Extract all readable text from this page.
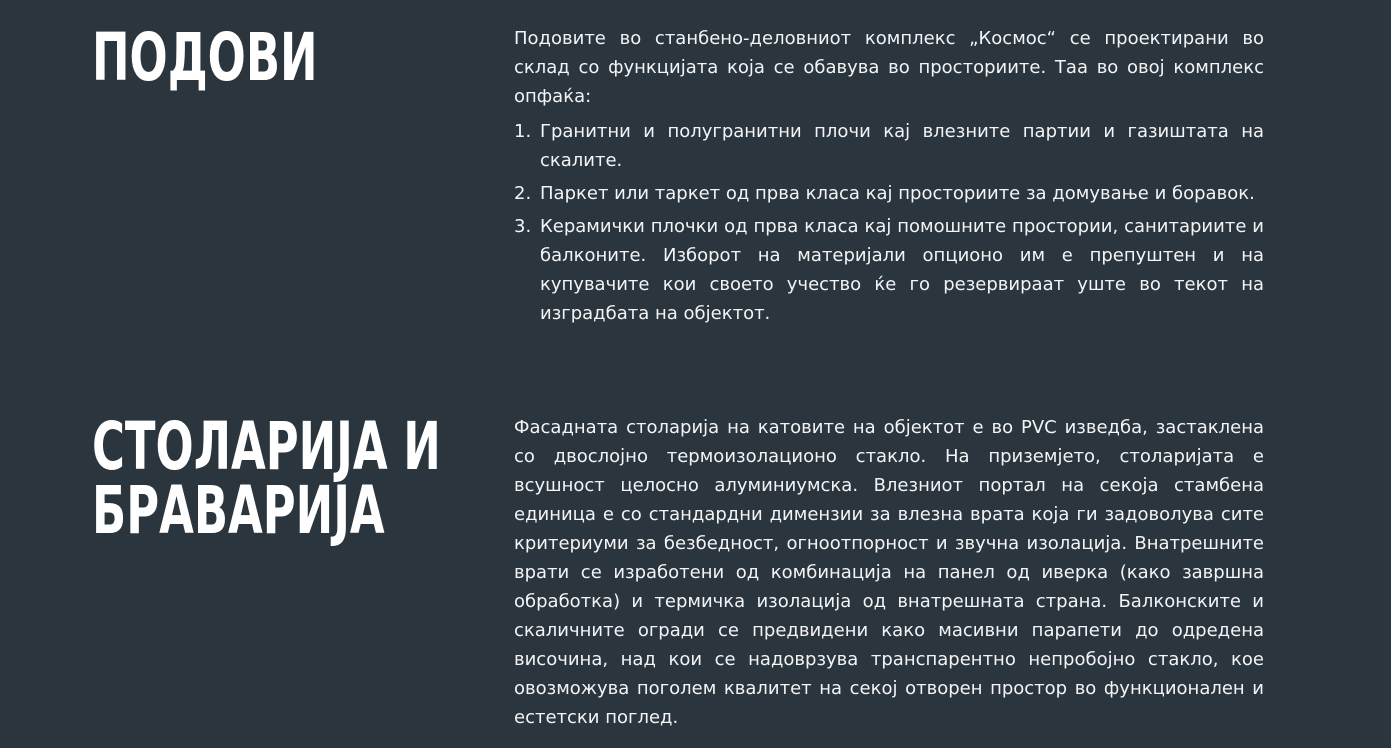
ПОДОВИ	Подовите во станбено-деловниот комплекс „Космос“ се проектирани во склад со функцијата која се обавува во просториите. Таа во овој комплекс опфаќа:

1. Гранитни и полугранитни плочи кај влезните партии и газиштата на скалите.
2. Паркет или таркет од прва класа кај просториите за домување и боравок.
3. Керамички плочки од прва класа кај помошните простории, санитариите и балконите. Изборот на материјали опционо им е препуштен и на купувачите кои своето учество ќе го резервираат уште во текот на изградбата на објектот.
СТОЛАРИЈА И
БРАВАРИЈА

Фасадната столарија на катовите на објектот е во PVC изведба, застаклена со двослојно термоизолационо стакло. На приземјето, столаријата е всушност целосно алуминиумска. Влезниот портал на секоја стамбена единица е со стандардни димензии за влезна врата која ги задоволува сите критериуми за безбедност, огноотпорност и звучна изолација. Внатрешните врати се изработени од комбинација на панел од иверка (како завршна обработка) и термичка изолација од внатрешната страна. Балконските и скаличните огради се предвидени како масивни парапети до одредена височина, над кои се надоврзува транспарентно непробојно стакло, кое овозможува поголем квалитет на секој отворен простор во функционален и естетски поглед.
